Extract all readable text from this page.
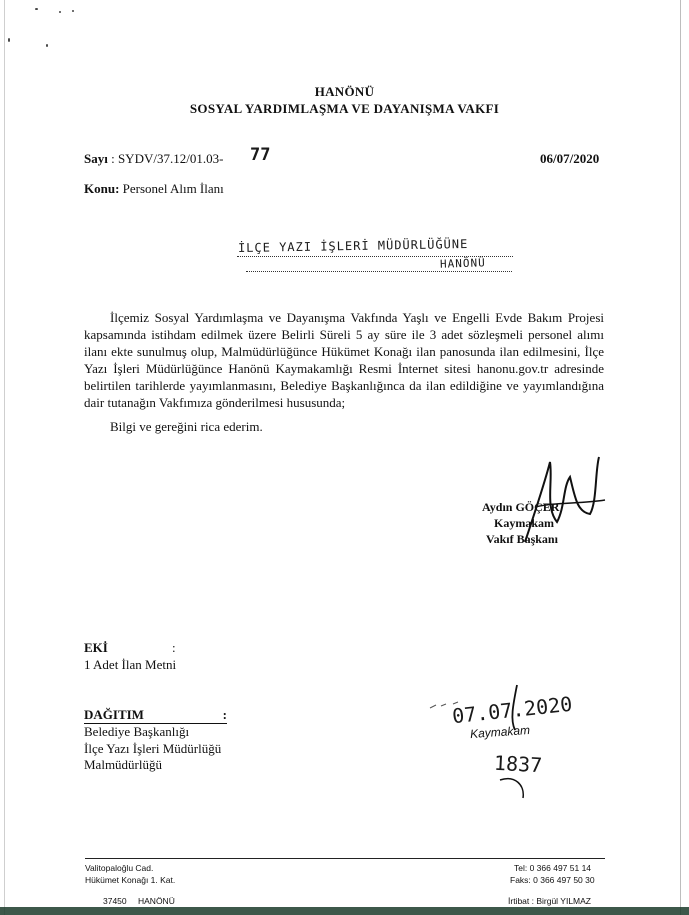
HANÖNÜ
SOSYAL YARDIMLAŞMA VE DAYANIŞMA VAKFI
Sayı : SYDV/37.12/01.03- 77	06/07/2020
Konu: Personel Alım İlanı
İLÇE YAZI İŞLERİ MÜDÜRLÜĞÜNE
HANÖNÜ
İlçemiz Sosyal Yardımlaşma ve Dayanışma Vakfında Yaşlı ve Engelli Evde Bakım Projesi kapsamında istihdam edilmek üzere Belirli Süreli 5 ay süre ile 3 adet sözleşmeli personel alımı ilanı ekte sunulmuş olup, Malmüdürlüğünce Hükümet Konağı ilan panosunda ilan edilmesini, İlçe Yazı İşleri Müdürlüğünce Hanönü Kaymakamlığı Resmi İnternet sitesi hanonu.gov.tr adresinde belirtilen tarihlerde yayımlanmasını, Belediye Başkanlığınca da ilan edildiğine ve yayımlandığına dair tutanağın Vakfımıza gönderilmesi hususunda;
Bilgi ve gereğini rica ederim.
Aydın GÖÇER
Kaymakam
Vakıf Başkanı
EKİ	:
1 Adet İlan Metni
DAĞITIM	:
Belediye Başkanlığı
İlçe Yazı İşleri Müdürlüğü
Malmüdürlüğü
07.07.2020
Kaymakam
1837
Valitopaloğlu Cad.
Hükümet Konağı 1. Kat.
37450 HANÖNÜ
Tel: 0 366 497 51 14
Faks: 0 366 497 50 30
İrtibat : Birgül YILMAZ
